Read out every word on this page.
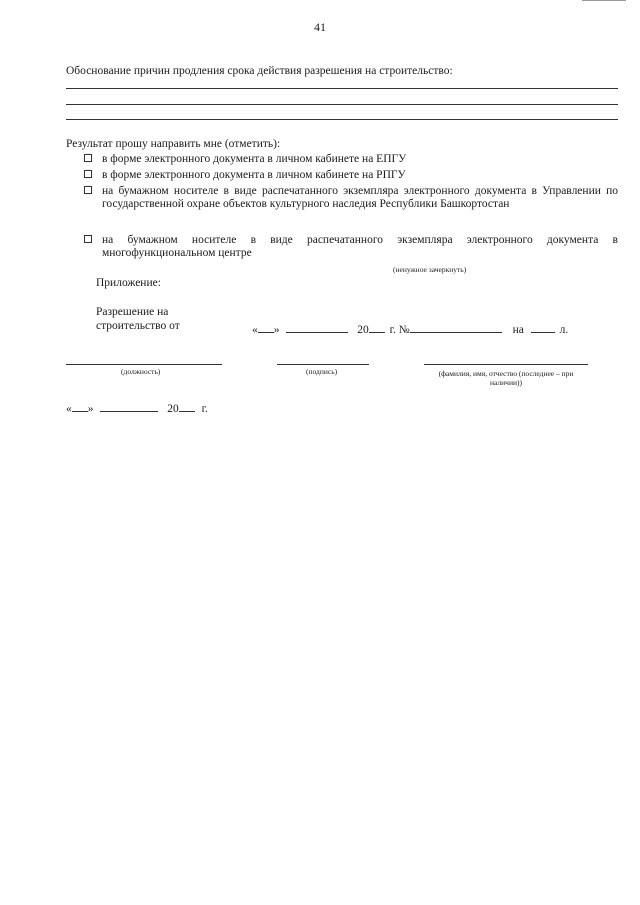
41
Обоснование причин продления срока действия разрешения на строительство:
Результат прошу направить мне (отметить):
в форме электронного документа в личном кабинете на ЕПГУ
в форме электронного документа в личном кабинете на РПГУ
на бумажном носителе в виде распечатанного экземпляра электронного документа в Управлении по государственной охране объектов культурного наследия Республики Башкортостан
на бумажном носителе в виде распечатанного экземпляра электронного документа в многофункциональном центре
(ненужное зачеркнуть)
Приложение:
Разрешение на
строительство от	« »	20 г. №	на	л.
(должность)	(подпись)	(фамилия, имя, отчество (последнее – при
наличии))
« »	20 г.
